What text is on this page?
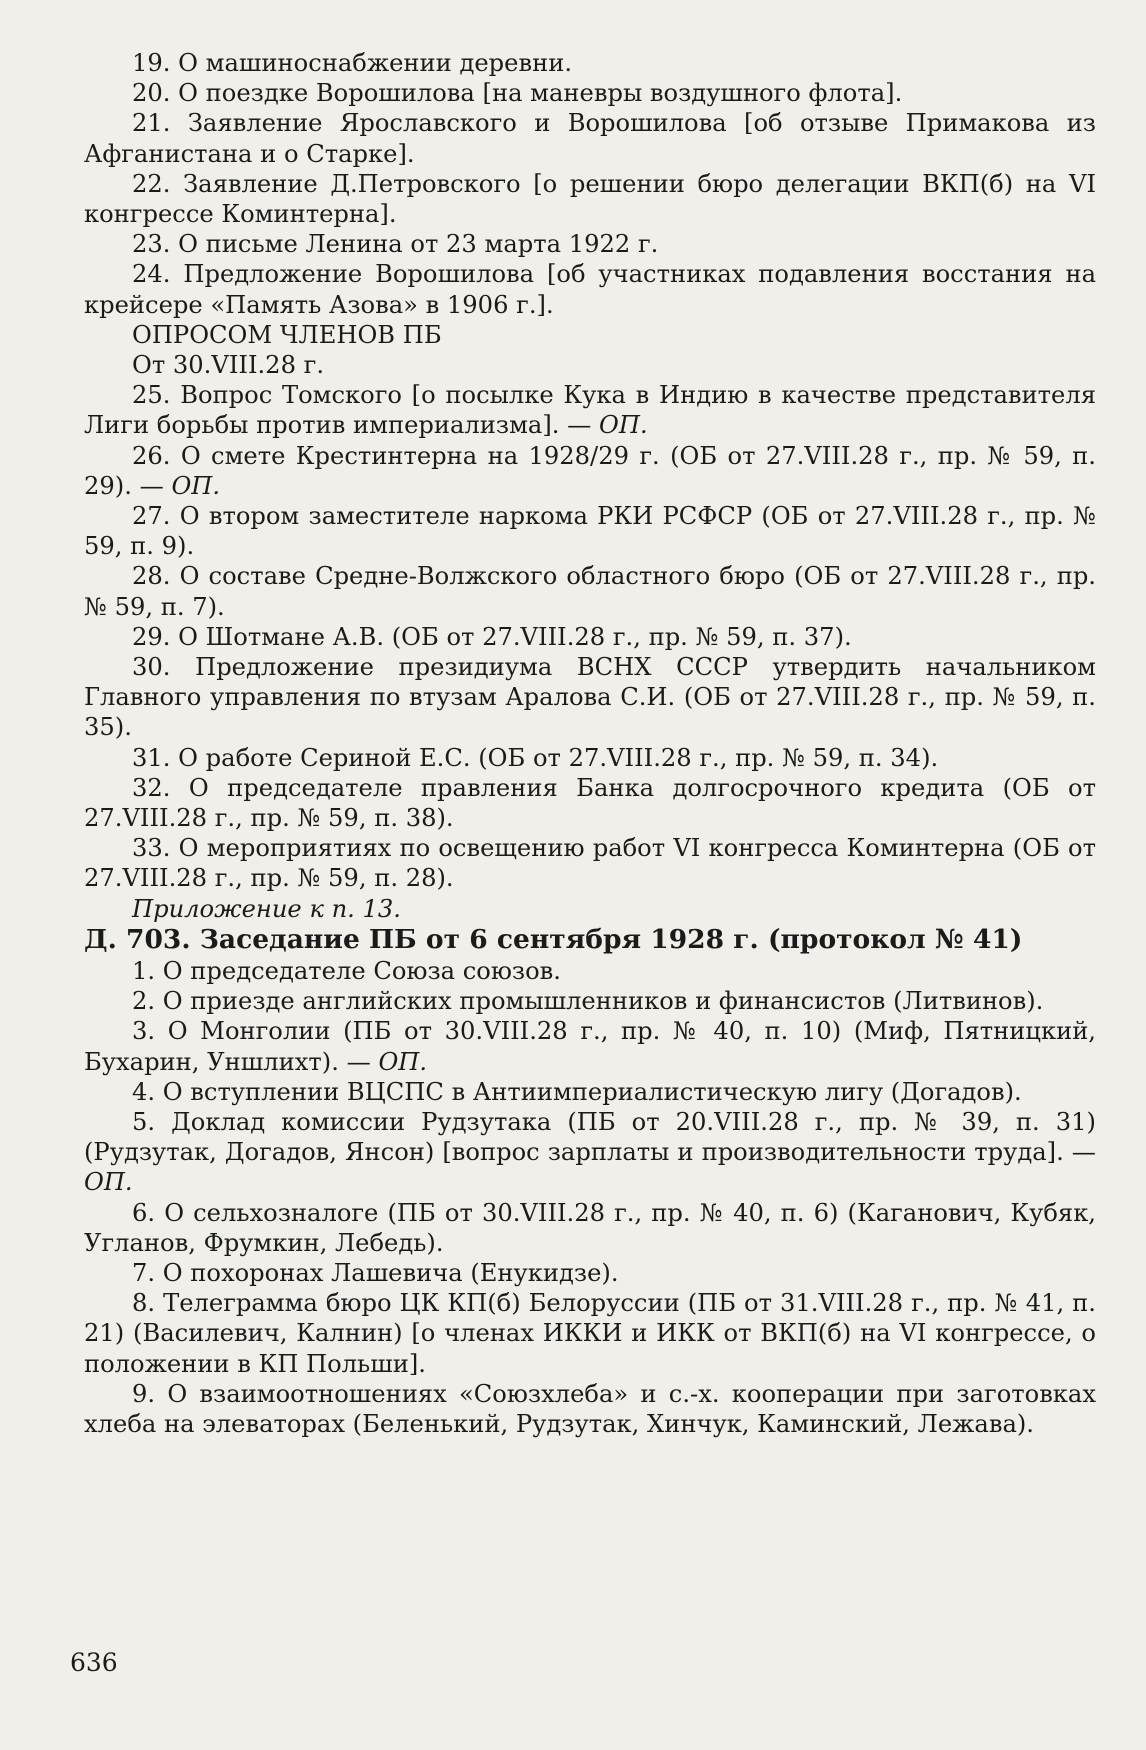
19. О машиноснабжении деревни.

20. О поездке Ворошилова [на маневры воздушного флота].

21. Заявление Ярославского и Ворошилова [об отзыве Примакова из Афганистана и о Старке].

22. Заявление Д.Петровского [о решении бюро делегации ВКП(б) на VI конгрессе Коминтерна].

23. О письме Ленина от 23 марта 1922 г.

24. Предложение Ворошилова [об участниках подавления восстания на крейсере «Память Азова» в 1906 г.].

ОПРОСОМ ЧЛЕНОВ ПБ

От 30.VIII.28 г.

25. Вопрос Томского [о посылке Кука в Индию в качестве представителя Лиги борьбы против империализма]. — ОП.

26. О смете Крестинтерна на 1928/29 г. (ОБ от 27.VIII.28 г., пр. № 59, п. 29). — ОП.

27. О втором заместителе наркома РКИ РСФСР (ОБ от 27.VIII.28 г., пр. № 59, п. 9).

28. О составе Средне-Волжского областного бюро (ОБ от 27.VIII.28 г., пр. № 59, п. 7).

29. О Шотмане А.В. (ОБ от 27.VIII.28 г., пр. № 59, п. 37).

30. Предложение президиума ВСНХ СССР утвердить начальником Главного управления по втузам Аралова С.И. (ОБ от 27.VIII.28 г., пр. № 59, п. 35).

31. О работе Сериной Е.С. (ОБ от 27.VIII.28 г., пр. № 59, п. 34).

32. О председателе правления Банка долгосрочного кредита (ОБ от 27.VIII.28 г., пр. № 59, п. 38).

33. О мероприятиях по освещению работ VI конгресса Коминтерна (ОБ от 27.VIII.28 г., пр. № 59, п. 28).

Приложение к п. 13.

Д. 703. Заседание ПБ от 6 сентября 1928 г. (протокол № 41)

1. О председателе Союза союзов.

2. О приезде английских промышленников и финансистов (Литвинов).

3. О Монголии (ПБ от 30.VIII.28 г., пр. № 40, п. 10) (Миф, Пятницкий, Бухарин, Уншлихт). — ОП.

4. О вступлении ВЦСПС в Антиимпериалистическую лигу (Догадов).

5. Доклад комиссии Рудзутака (ПБ от 20.VIII.28 г., пр. № 39, п. 31) (Рудзутак, Догадов, Янсон) [вопрос зарплаты и производительности труда]. — ОП.

6. О сельхозналоге (ПБ от 30.VIII.28 г., пр. № 40, п. 6) (Каганович, Кубяк, Угланов, Фрумкин, Лебедь).

7. О похоронах Лашевича (Енукидзе).

8. Телеграмма бюро ЦК КП(б) Белоруссии (ПБ от 31.VIII.28 г., пр. № 41, п. 21) (Василевич, Калнин) [о членах ИККИ и ИКК от ВКП(б) на VI конгрессе, о положении в КП Польши].

9. О взаимоотношениях «Союзхлеба» и с.-х. кооперации при заготовках хлеба на элеваторах (Беленький, Рудзутак, Хинчук, Каминский, Лежава).

636
